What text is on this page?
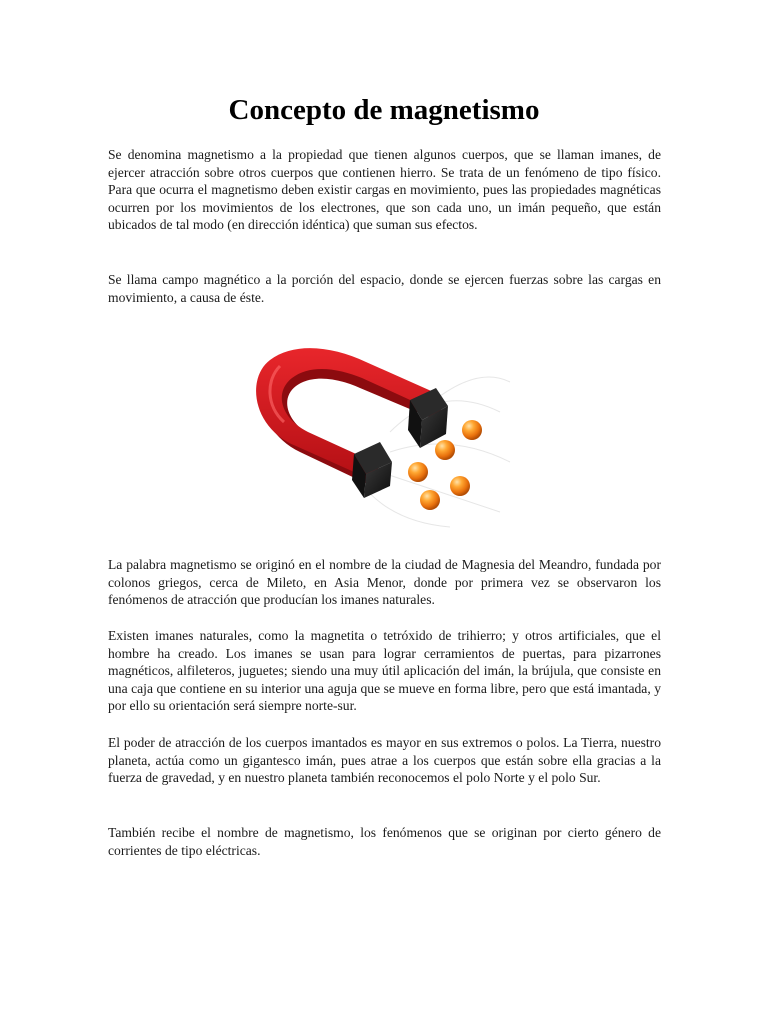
Concepto de magnetismo

Se denomina magnetismo a la propiedad que tienen algunos cuerpos, que se llaman imanes, de ejercer atracción sobre otros cuerpos que contienen hierro. Se trata de un fenómeno de tipo físico. Para que ocurra el magnetismo deben existir cargas en movimiento, pues las propiedades magnéticas ocurren por los movimientos de los electrones, que son cada uno, un imán pequeño, que están ubicados de tal modo (en dirección idéntica) que suman sus efectos.

Se llama campo magnético a la porción del espacio, donde se ejercen fuerzas sobre las cargas en movimiento, a causa de éste.

La palabra magnetismo se originó en el nombre de la ciudad de Magnesia del Meandro, fundada por colonos griegos, cerca de Mileto, en Asia Menor, donde por primera vez se observaron los fenómenos de atracción que producían los imanes naturales.

Existen imanes naturales, como la magnetita o tetróxido de trihierro; y otros artificiales, que el hombre ha creado. Los imanes se usan para lograr cerramientos de puertas, para pizarrones magnéticos, alfileteros, juguetes; siendo una muy útil aplicación del imán, la brújula, que consiste en una caja que contiene en su interior una aguja que se mueve en forma libre, pero que está imantada, y por ello su orientación será siempre norte-sur.

El poder de atracción de los cuerpos imantados es mayor en sus extremos o polos. La Tierra, nuestro planeta, actúa como un gigantesco imán, pues atrae a los cuerpos que están sobre ella gracias a la fuerza de gravedad, y en nuestro planeta también reconocemos el polo Norte y el polo Sur.

También recibe el nombre de magnetismo, los fenómenos que se originan por cierto género de corrientes de tipo eléctricas.
